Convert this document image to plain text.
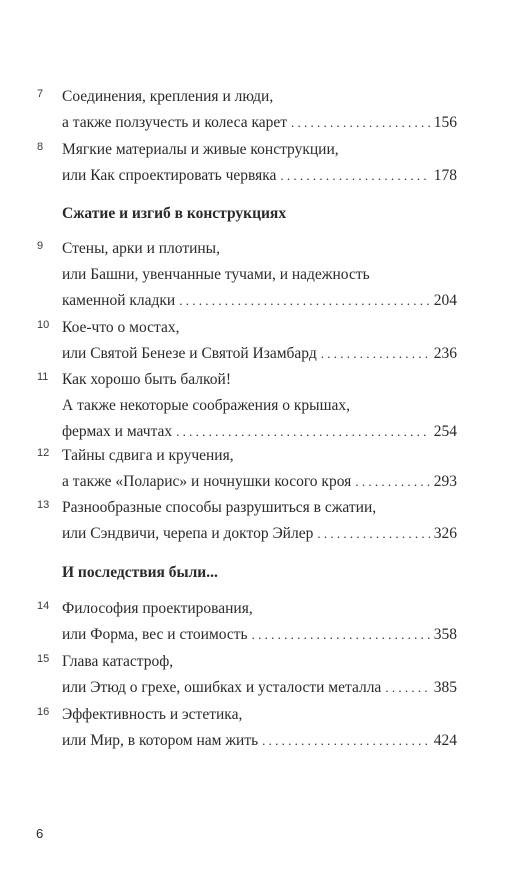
7	Соединения, крепления и люди,
а также ползучесть и колеса карет . . .	156
8	Мягкие материалы и живые конструкции,
или Как спроектировать червяка . . .	178
Сжатие и изгиб в конструкциях
9	Стены, арки и плотины,
или Башни, увенчанные тучами, и надежность
каменной кладки . . .	204
10 Кое-что о мостах,
или Святой Бенезе и Святой Изамбард . . .	236
11 Как хорошо быть балкой!
А также некоторые соображения о крышах,
фермах и мачтах . . .	254
12 Тайны сдвига и кручения,
а также «Поларис» и ночнушки косого кроя . . .	293
13 Разнообразные способы разрушиться в сжатии,
или Сэндвичи, черепа и доктор Эйлер . . .	326
И последствия были...
14 Философия проектирования,
или Форма, вес и стоимость . . .	358
15 Глава катастроф,
или Этюд о грехе, ошибках и усталости металла . . .	385
16 Эффективность и эстетика,
или Мир, в котором нам жить . . .	424
6
